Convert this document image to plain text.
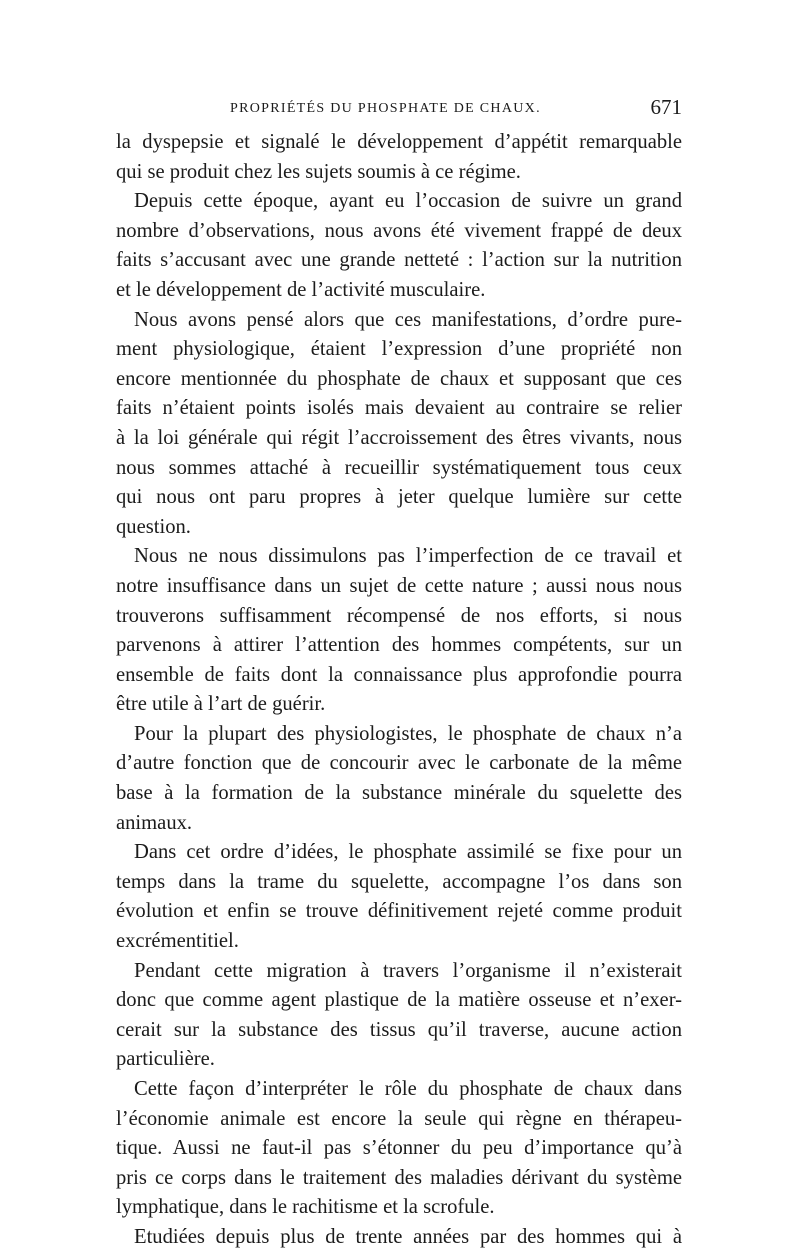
PROPRIÉTÉS DU PHOSPHATE DE CHAUX.	671
la dyspepsie et signalé le développement d’appétit remarquable
qui se produit chez les sujets soumis à ce régime.
Depuis cette époque, ayant eu l’occasion de suivre un grand
nombre d’observations, nous avons été vivement frappé de deux
faits s’accusant avec une grande netteté : l’action sur la nutrition
et le développement de l’activité musculaire.
Nous avons pensé alors que ces manifestations, d’ordre pure-
ment physiologique, étaient l’expression d’une propriété non
encore mentionnée du phosphate de chaux et supposant que ces
faits n’étaient points isolés mais devaient au contraire se relier
à la loi générale qui régit l’accroissement des êtres vivants, nous
nous sommes attaché à recueillir systématiquement tous ceux
qui nous ont paru propres à jeter quelque lumière sur cette
question.
Nous ne nous dissimulons pas l’imperfection de ce travail et
notre insuffisance dans un sujet de cette nature ; aussi nous nous
trouverons suffisamment récompensé de nos efforts, si nous
parvenons à attirer l’attention des hommes compétents, sur un
ensemble de faits dont la connaissance plus approfondie pourra
être utile à l’art de guérir.
Pour la plupart des physiologistes, le phosphate de chaux n’a
d’autre fonction que de concourir avec le carbonate de la même
base à la formation de la substance minérale du squelette des
animaux.
Dans cet ordre d’idées, le phosphate assimilé se fixe pour un
temps dans la trame du squelette, accompagne l’os dans son
évolution et enfin se trouve définitivement rejeté comme produit
excrémentitiel.
Pendant cette migration à travers l’organisme il n’existerait
donc que comme agent plastique de la matière osseuse et n’exer-
cerait sur la substance des tissus qu’il traverse, aucune action
particulière.
Cette façon d’interpréter le rôle du phosphate de chaux dans
l’économie animale est encore la seule qui règne en thérapeu-
tique. Aussi ne faut-il pas s’étonner du peu d’importance qu’à
pris ce corps dans le traitement des maladies dérivant du système
lymphatique, dans le rachitisme et la scrofule.
Etudiées depuis plus de trente années par des hommes qui à
